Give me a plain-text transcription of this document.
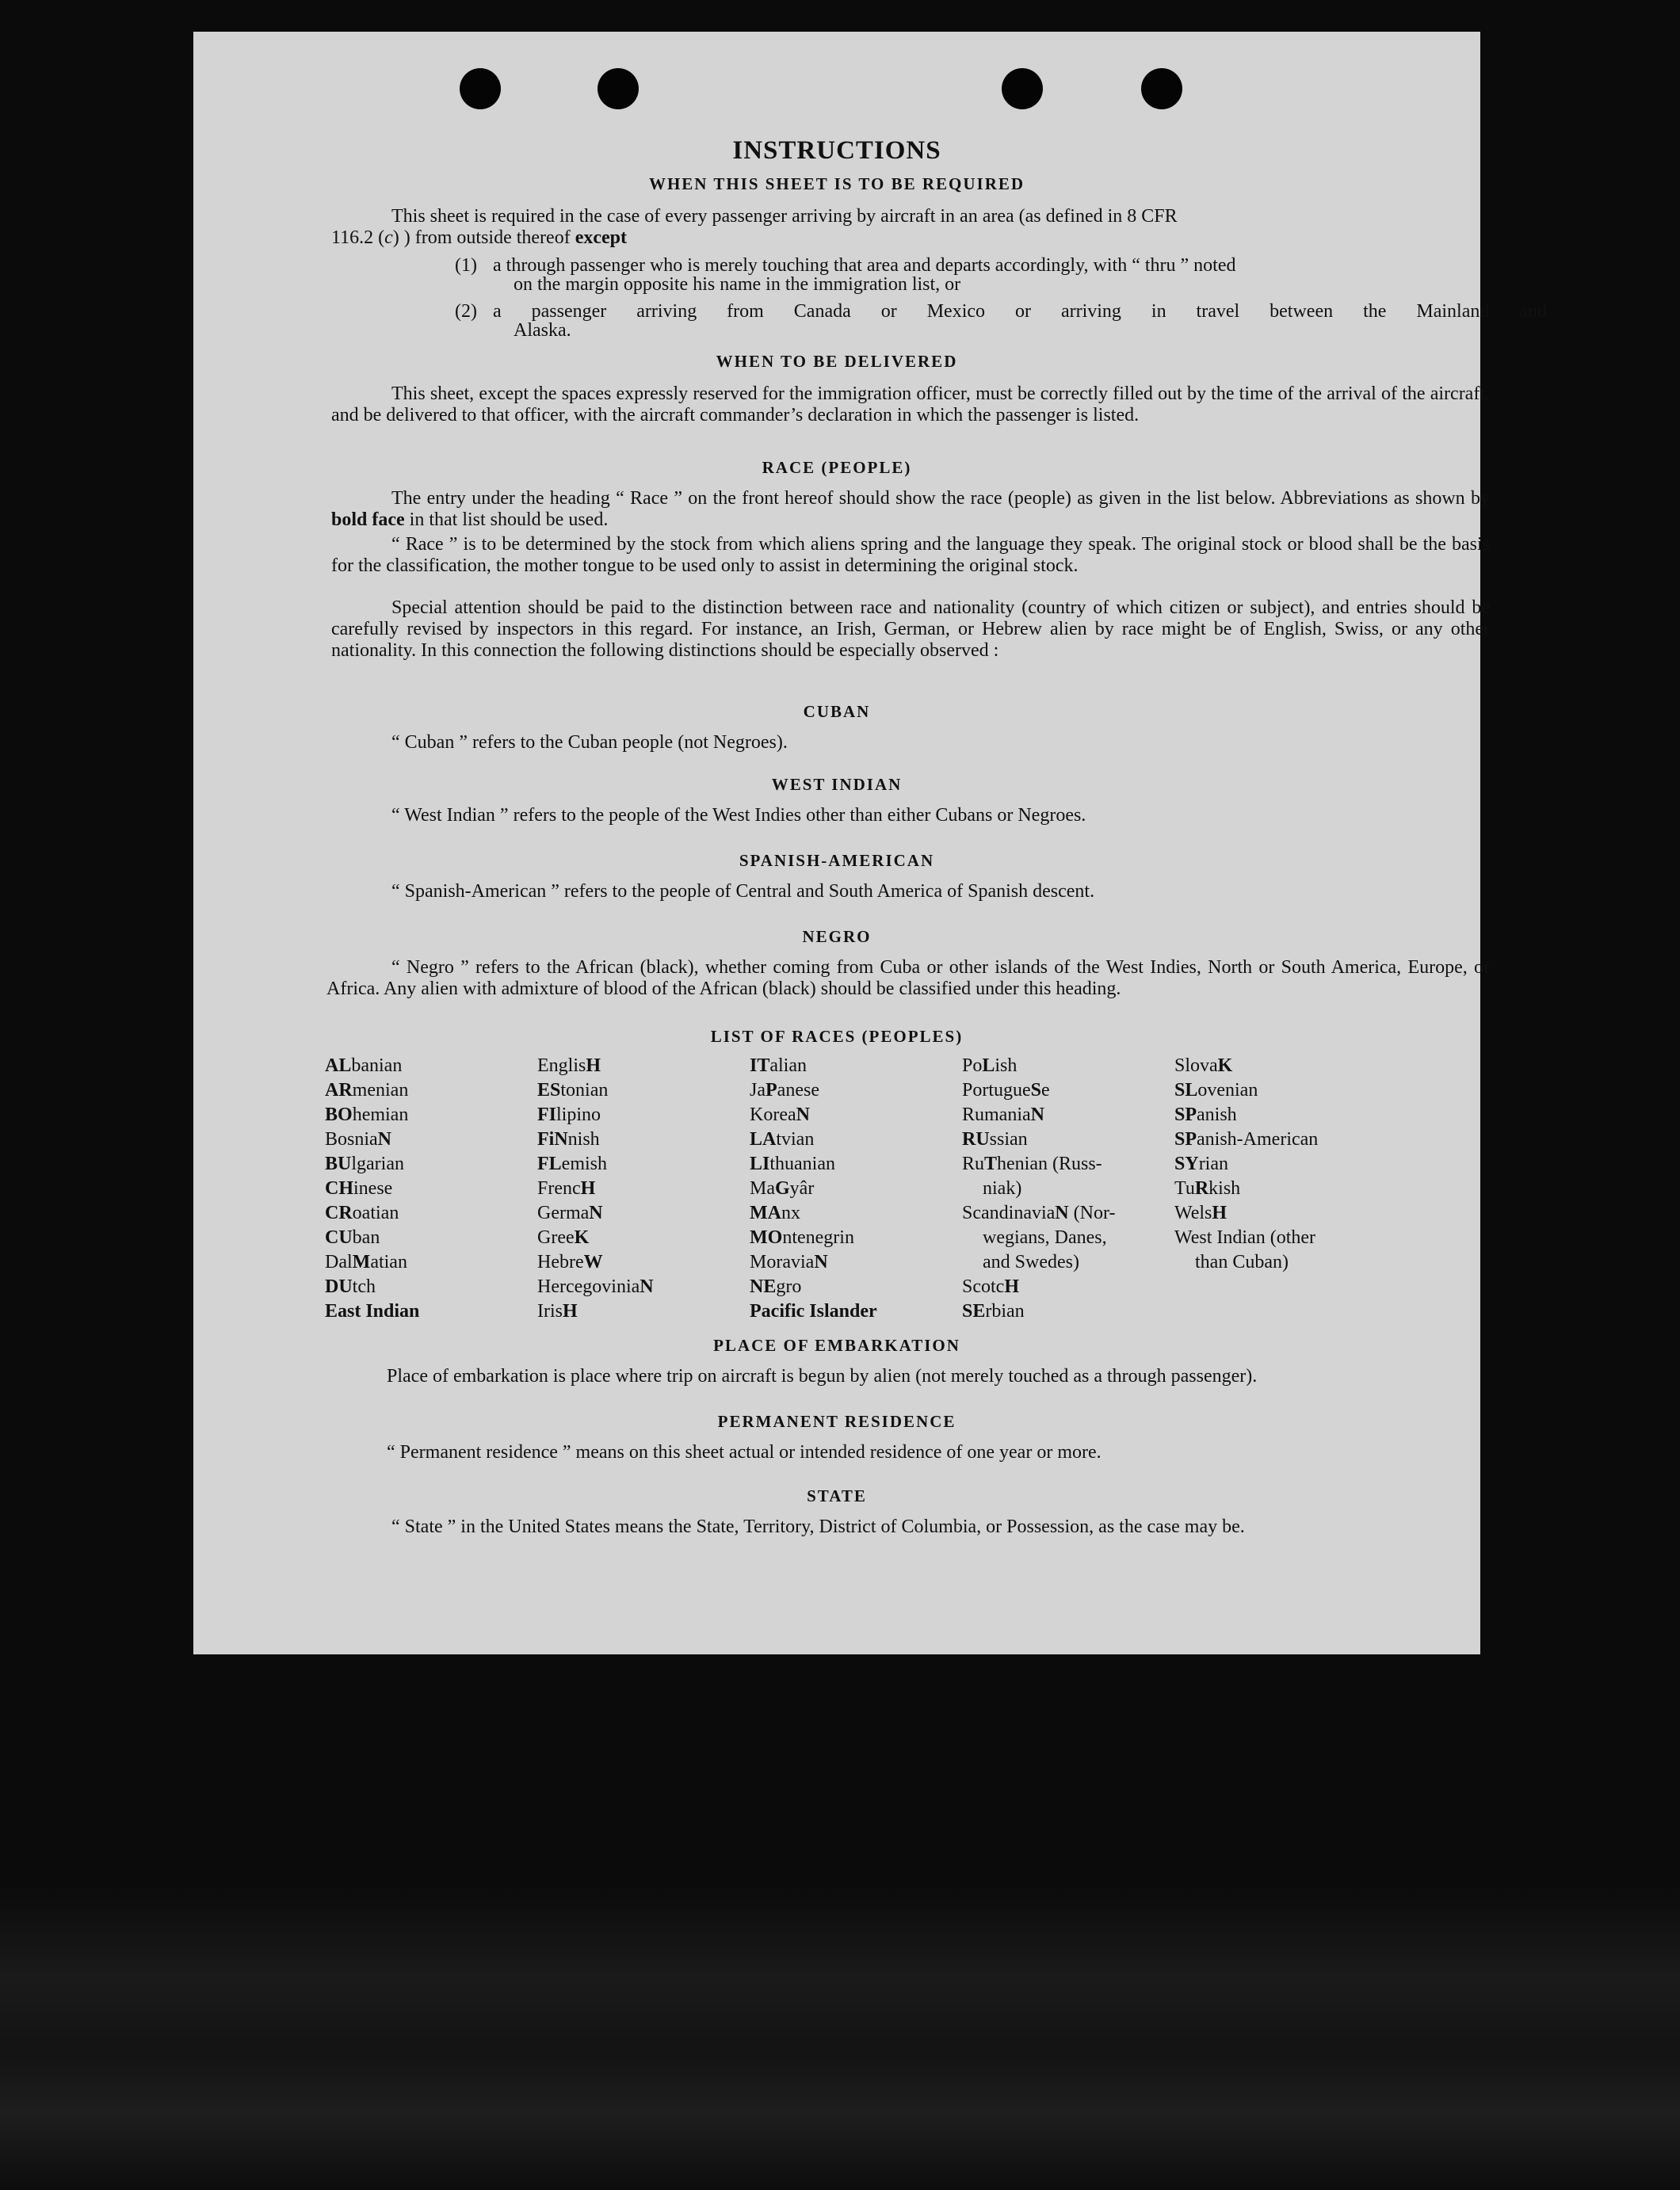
INSTRUCTIONS
WHEN THIS SHEET IS TO BE REQUIRED

This sheet is required in the case of every passenger arriving by aircraft in an area (as defined in 8 CFR

116.2 (c) ) from outside thereof except

(1) a through passenger who is merely touching that area and departs accordingly, with “ thru ” noted

on the margin opposite his name in the immigration list, or

(2) a passenger arriving from Canada or Mexico or arriving in travel between the Mainland and

Alaska.

WHEN TO BE DELIVERED

This sheet, except the spaces expressly reserved for the immigration officer, must be correctly filled out by the time of the arrival of the aircraft, and be delivered to that officer, with the aircraft commander’s declaration in which the passenger is listed.

RACE (PEOPLE)

The entry under the heading “ Race ” on the front hereof should show the race (people) as given in the list below. Abbreviations as shown by bold face in that list should be used.

“ Race ” is to be determined by the stock from which aliens spring and the language they speak. The original stock or blood shall be the basis for the classification, the mother tongue to be used only to assist in determining the original stock.

Special attention should be paid to the distinction between race and nationality (country of which citizen or subject), and entries should be carefully revised by inspectors in this regard. For instance, an Irish, German, or Hebrew alien by race might be of English, Swiss, or any other nationality. In this connection the following distinctions should be especially observed :

CUBAN

“ Cuban ” refers to the Cuban people (not Negroes).

WEST INDIAN

“ West Indian ” refers to the people of the West Indies other than either Cubans or Negroes.

SPANISH-AMERICAN

“ Spanish-American ” refers to the people of Central and South America of Spanish descent.

NEGRO

“ Negro ” refers to the African (black), whether coming from Cuba or other islands of the West Indies, North or South America, Europe, or Africa. Any alien with admixture of blood of the African (black) should be classified under this heading.

LIST OF RACES (PEOPLES)
ALbanian
ARmenian
BOhemian
BosniaN
BUlgarian
CHinese
CRoatian
CUban
DalMatian
DUtch
East Indian
EnglisH
EStonian
FIlipino
FiNnish
FLemish
FrencH
GermaN
GreeK
HebreW
HercegoviniaN
IrisH
ITalian
JaPanese
KoreaN
LAtvian
LIthuanian
MaGyâr
MAnx
MOntenegrin
MoraviaN
NEgro
Pacific Islander
PoLish
PortugueSe
RumaniaN
RUssian
RuThenian (Russ-
niak)
ScandinaviaN (Nor-
wegians, Danes,
and Swedes)
ScotcH
SErbian
SlovaK
SLovenian
SPanish
SPanish-American
SYrian
TuRkish
WelsH
West Indian (other
than Cuban)
PLACE OF EMBARKATION

Place of embarkation is place where trip on aircraft is begun by alien (not merely touched as a through passenger).

PERMANENT RESIDENCE

“ Permanent residence ” means on this sheet actual or intended residence of one year or more.

STATE

“ State ” in the United States means the State, Territory, District of Columbia, or Possession, as the case may be.
